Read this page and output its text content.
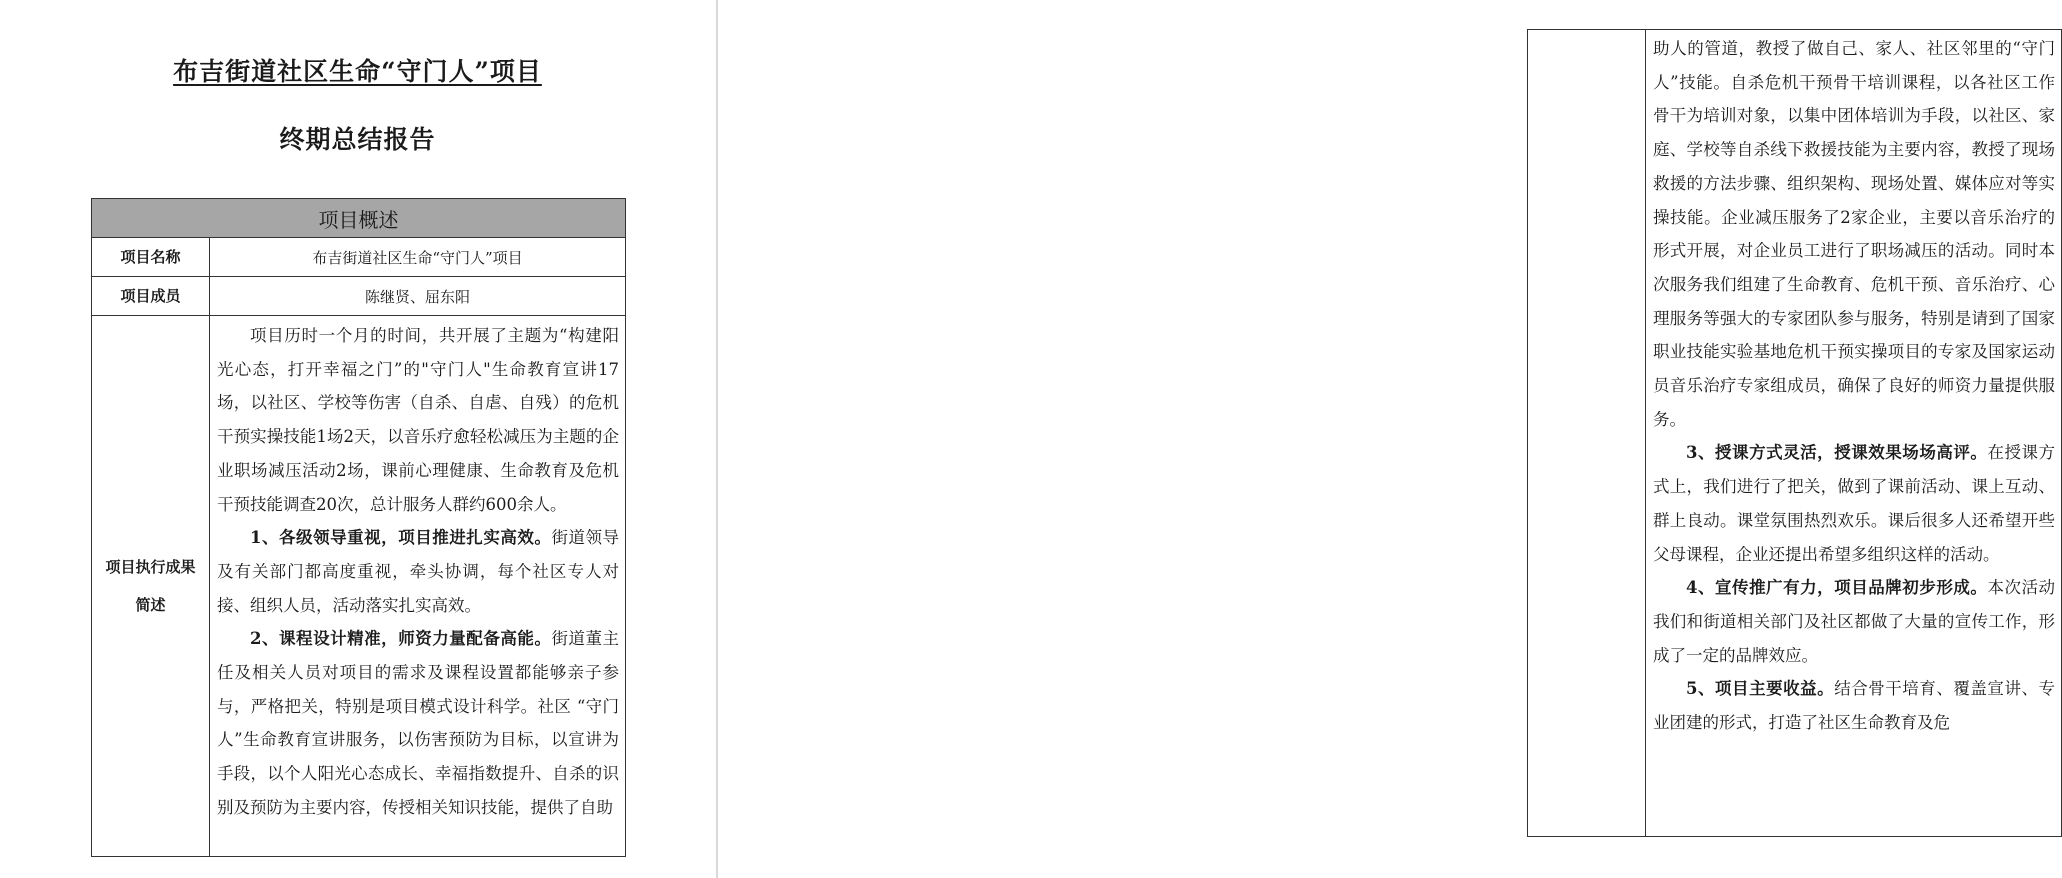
布吉街道社区生命“守门人”项目
终期总结报告
项目概述	
项目名称	布吉街道社区生命“守门人”项目
项目成员	陈继贤、屈东阳
项目执行成果简述	项目历时一个月的时间，共开展了主题为“构建阳光心态，打开幸福之门”的"守门人"生命教育宣讲17场，以社区、学校等伤害（自杀、自虐、自残）的危机干预实操技能1场2天，以音乐疗愈轻松减压为主题的企业职场减压活动2场，课前心理健康、生命教育及危机干预技能调查20次，总计服务人群约600余人。

1、各级领导重视，项目推进扎实高效。街道领导及有关部门都高度重视，牵头协调，每个社区专人对接、组织人员，活动落实扎实高效。

2、课程设计精准，师资力量配备高能。街道董主任及相关人员对项目的需求及课程设置都能够亲子参与，严格把关，特别是项目模式设计科学。社区 “守门人”生命教育宣讲服务，以伤害预防为目标，以宣讲为手段，以个人阳光心态成长、幸福指数提升、自杀的识别及预防为主要内容，传授相关知识技能，提供了自助

助人的管道，教授了做自己、家人、社区邻里的“守门人”技能。自杀危机干预骨干培训课程，以各社区工作骨干为培训对象，以集中团体培训为手段，以社区、家庭、学校等自杀线下救援技能为主要内容，教授了现场救援的方法步骤、组织架构、现场处置、媒体应对等实操技能。企业减压服务了2家企业，主要以音乐治疗的形式开展，对企业员工进行了职场减压的活动。同时本次服务我们组建了生命教育、危机干预、音乐治疗、心理服务等强大的专家团队参与服务，特别是请到了国家职业技能实验基地危机干预实操项目的专家及国家运动员音乐治疗专家组成员，确保了良好的师资力量提供服务。

3、授课方式灵活，授课效果场场高评。在授课方式上，我们进行了把关，做到了课前活动、课上互动、群上良动。课堂氛围热烈欢乐。课后很多人还希望开些父母课程，企业还提出希望多组织这样的活动。

4、宣传推广有力，项目品牌初步形成。本次活动我们和街道相关部门及社区都做了大量的宣传工作，形成了一定的品牌效应。

5、项目主要收益。结合骨干培育、覆盖宣讲、专业团建的形式，打造了社区生命教育及危
